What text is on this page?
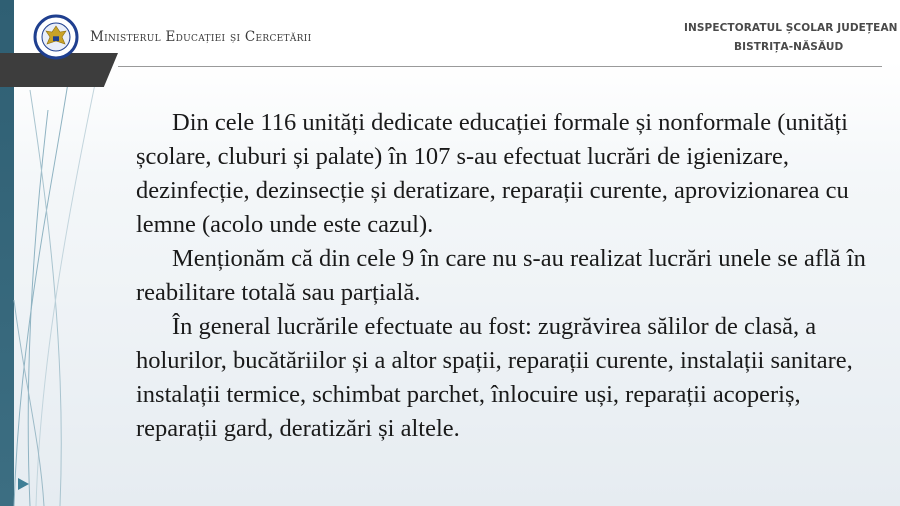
Ministerul Educației și Cercetării
INSPECTORATUL ȘCOLAR JUDEȚEAN
BISTRIȚA-NĂSĂUD

Din cele 116 unități dedicate educației formale și nonformale (unități școlare, cluburi și palate) în 107 s-au efectuat lucrări de igienizare, dezinfecție, dezinsecție și deratizare, reparații curente, aprovizionarea cu lemne (acolo unde este cazul).

Menționăm că din cele 9 în care nu s-au realizat lucrări unele se află în reabilitare totală sau parțială.

În general lucrările efectuate au fost: zugrăvirea sălilor de clasă, a holurilor, bucătăriilor și a altor spații, reparații curente, instalații sanitare, instalații termice, schimbat parchet, înlocuire uși, reparații acoperiș, reparații gard, deratizări și altele.
